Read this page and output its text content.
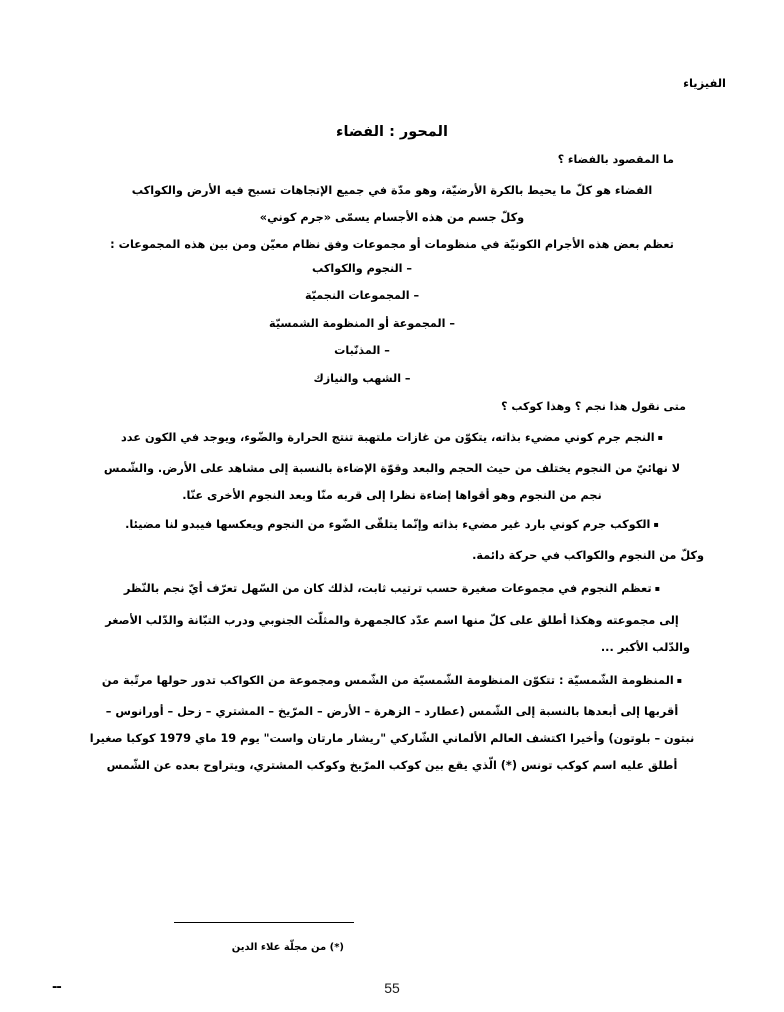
الفيزياء
المحور : الفضاء

ما المقصود بالفضاء ؟

الفضاء هو كلّ ما يحيط بالكرة الأرضيّة، وهو مدّة في جميع الإتجاهات تسبح فيه الأرض والكواكب

وكلّ جسم من هذه الأجسام يسمّى «جرم كوني»

تعظم بعض هذه الأجرام الكونيّة في منظومات أو مجموعات وفق نظام معيّن ومن بين هذه المجموعات :

– النجوم والكواكب
– المجموعات النجميّة
– المجموعة أو المنظومة الشمسيّة
– المذنّبات
– الشهب والنيازك

متى نقول هذا نجم ؟ وهذا كوكب ؟

▪النجم جرم كوني مضيء بذاته، يتكوّن من غازات ملتهبة تنتج الحرارة والضّوء، ويوجد في الكون عدد

لا نهائيّ من النجوم يختلف من حيث الحجم والبعد وقوّة الإضاءة بالنسبة إلى مشاهد على الأرض. والشّمس

نجم من النجوم وهو أقواها إضاءة نظرا إلى قربه منّا وبعد النجوم الأخرى عنّا.

▪الكوكب جرم كوني بارد غير مضيء بذاته وإنّما يتلقّى الضّوء من النجوم ويعكسها فيبدو لنا مضيئا.

وكلّ من النجوم والكواكب في حركة دائمة.

▪تعظم النجوم في مجموعات صغيرة حسب ترتيب ثابت، لذلك كان من السّهل تعرّف أيّ نجم بالنّظر

إلى مجموعته وهكذا أطلق على كلّ منها اسم عدّد كالجمهرة والمثلّث الجنوبي ودرب التبّانة والدّلب الأصغر

والدّلب الأكبر ...

▪المنظومة الشّمسيّة : تتكوّن المنظومة الشّمسيّة من الشّمس ومجموعة من الكواكب تدور حولها مرتّبة من

أقربها إلى أبعدها بالنسبة إلى الشّمس (عطارد – الزهرة – الأرض – المرّيخ – المشتري – زحل – أورانوس –

نبتون – بلوتون) وأخيرا اكتشف العالم الألماني الشّاركي "ريشار مارتان واست" يوم 19 ماي 1979 كوكبا صغيرا

أطلق عليه اسم كوكب تونس (*) الّذي يقع بين كوكب المرّيخ وكوكب المشتري، ويتراوح بعده عن الشّمس

(*) من مجلّة علاء الدين
--	55
